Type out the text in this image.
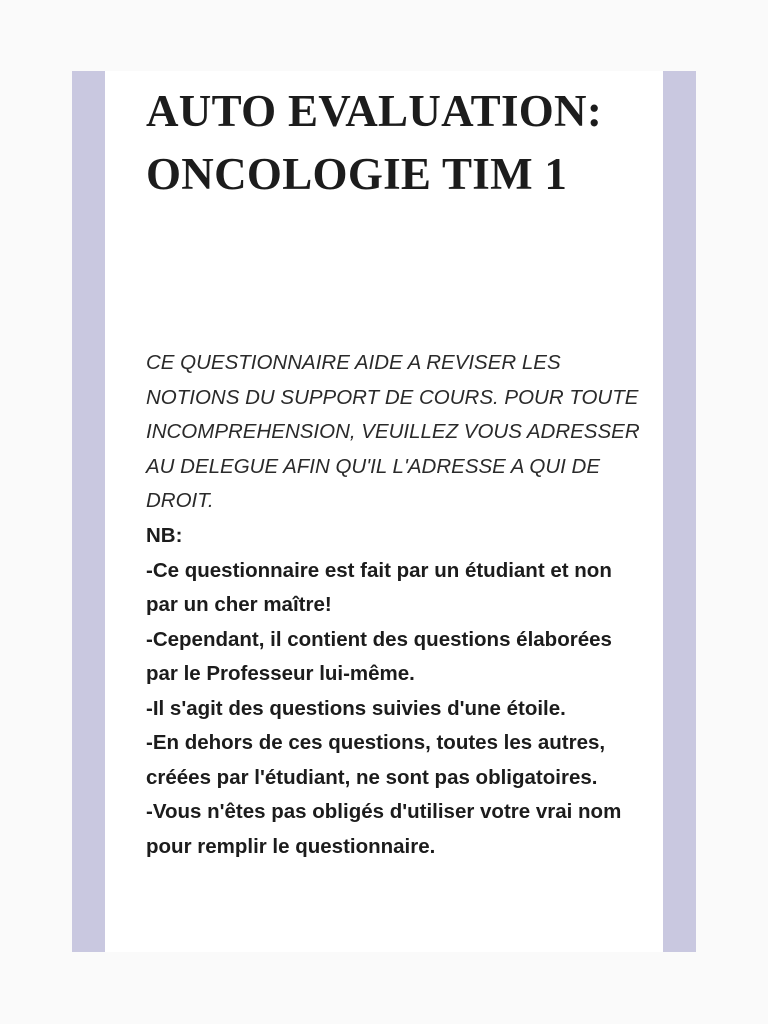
AUTO EVALUATION: ONCOLOGIE TIM 1

CE QUESTIONNAIRE AIDE A REVISER LES NOTIONS DU SUPPORT DE COURS. POUR TOUTE INCOMPREHENSION, VEUILLEZ VOUS ADRESSER AU DELEGUE AFIN QU'IL L'ADRESSE A QUI DE DROIT.

NB:

-Ce questionnaire est fait par un étudiant et non par un cher maître!

-Cependant, il contient des questions élaborées par le Professeur lui-même.

-Il s'agit des questions suivies d'une étoile.

-En dehors de ces questions, toutes les autres, créées par l'étudiant, ne sont pas obligatoires.

-Vous n'êtes pas obligés d'utiliser votre vrai nom pour remplir le questionnaire.
